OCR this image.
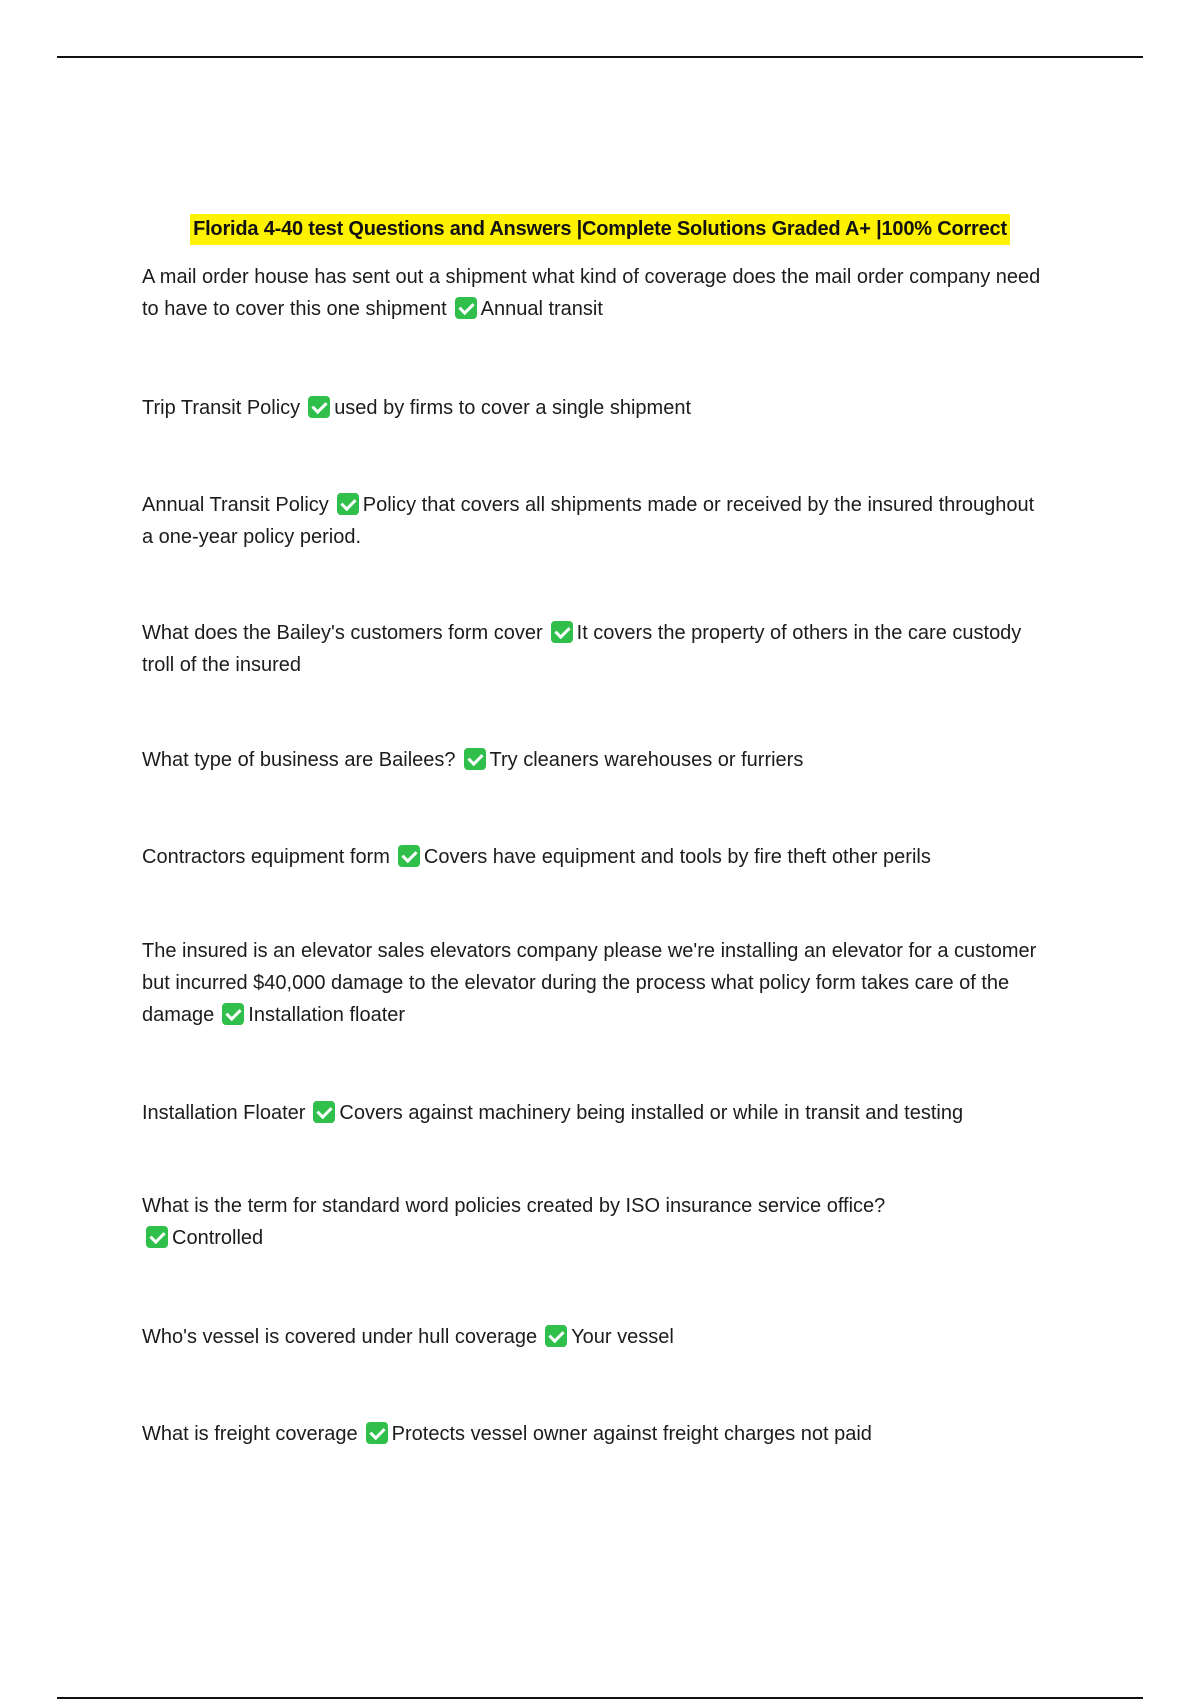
Florida 4-40 test Questions and Answers |Complete Solutions Graded A+ |100% Correct
A mail order house has sent out a shipment what kind of coverage does the mail order company need to have to cover this one shipment Annual transit
Trip Transit Policy used by firms to cover a single shipment
Annual Transit Policy Policy that covers all shipments made or received by the insured throughout a one-year policy period.
What does the Bailey's customers form cover It covers the property of others in the care custody troll of the insured
What type of business are Bailees? Try cleaners warehouses or furriers
Contractors equipment form Covers have equipment and tools by fire theft other perils
The insured is an elevator sales elevators company please we're installing an elevator for a customer but incurred $40,000 damage to the elevator during the process what policy form takes care of the damage Installation floater
Installation Floater Covers against machinery being installed or while in transit and testing
What is the term for standard word policies created by ISO insurance service office?
Controlled
Who's vessel is covered under hull coverage Your vessel
What is freight coverage Protects vessel owner against freight charges not paid
